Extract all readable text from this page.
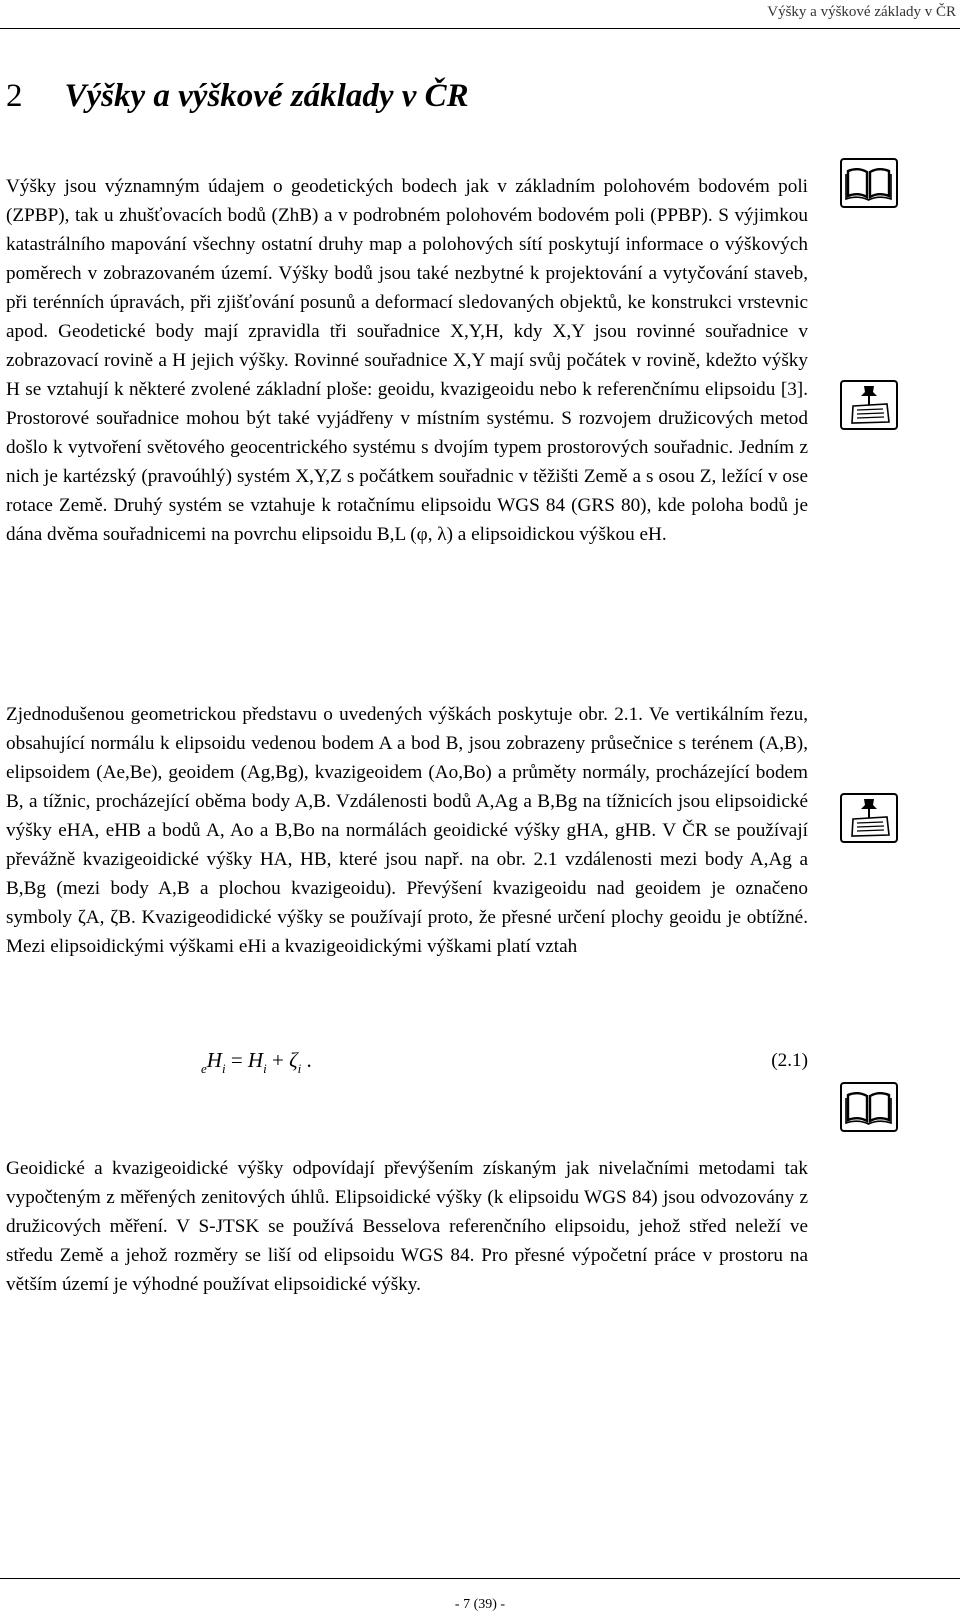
Výšky a výškové základy v ČR
2 Výšky a výškové základy v ČR

Výšky jsou významným údajem o geodetických bodech jak v základním polohovém bodovém poli (ZPBP), tak u zhušťovacích bodů (ZhB) a v podrobném polohovém bodovém poli (PPBP). S výjimkou katastrálního mapování všechny ostatní druhy map a polohových sítí poskytují informace o výškových poměrech v zobrazovaném území. Výšky bodů jsou také nezbytné k projektování a vytyčování staveb, při terénních úpravách, při zjišťování posunů a deformací sledovaných objektů, ke konstrukci vrstevnic apod. Geodetické body mají zpravidla tři souřadnice X,Y,H, kdy X,Y jsou rovinné souřadnice v zobrazovací rovině a H jejich výšky. Rovinné souřadnice X,Y mají svůj počátek v rovině, kdežto výšky H se vztahují k některé zvolené základní ploše: geoidu, kvazigeoidu nebo k referenčnímu elipsoidu [3]. Prostorové souřadnice mohou být také vyjádřeny v místním systému. S rozvojem družicových metod došlo k vytvoření světového geocentrického systému s dvojím typem prostorových souřadnic. Jedním z nich je kartézský (pravoúhlý) systém X,Y,Z s počátkem souřadnic v těžišti Země a s osou Z, ležící v ose rotace Země. Druhý systém se vztahuje k rotačnímu elipsoidu WGS 84 (GRS 80), kde poloha bodů je dána dvěma souřadnicemi na povrchu elipsoidu B,L (φ, λ) a elipsoidickou výškou eH.

Zjednodušenou geometrickou představu o uvedených výškách poskytuje obr. 2.1. Ve vertikálním řezu, obsahující normálu k elipsoidu vedenou bodem A a bod B, jsou zobrazeny průsečnice s terénem (A,B), elipsoidem (Ae,Be), geoidem (Ag,Bg), kvazigeoidem (Ao,Bo) a průměty normály, procházející bodem B, a tížnic, procházející oběma body A,B. Vzdálenosti bodů A,Ag a B,Bg na tížnicích jsou elipsoidické výšky eHA, eHB a bodů A, Ao a B,Bo na normálách geoidické výšky gHA, gHB. V ČR se používají převážně kvazigeoidické výšky HA, HB, které jsou např. na obr. 2.1 vzdálenosti mezi body A,Ag a B,Bg (mezi body A,B a plochou kvazigeoidu). Převýšení kvazigeoidu nad geoidem je označeno symboly ζA, ζB. Kvazigeodidické výšky se používají proto, že přesné určení plochy geoidu je obtížné. Mezi elipsoidickými výškami eHi a kvazigeoidickými výškami platí vztah

$_eH_i = H_i + \zeta_i$ .	(2.1)

Geoidické a kvazigeoidické výšky odpovídají převýšením získaným jak nivelačními metodami tak vypočteným z měřených zenitových úhlů. Elipsoidické výšky (k elipsoidu WGS 84) jsou odvozovány z družicových měření. V S-JTSK se používá Besselova referenčního elipsoidu, jehož střed neleží ve středu Země a jehož rozměry se liší od elipsoidu WGS 84. Pro přesné výpočetní práce v prostoru na větším území je výhodné používat elipsoidické výšky.

- 7 (39) -
